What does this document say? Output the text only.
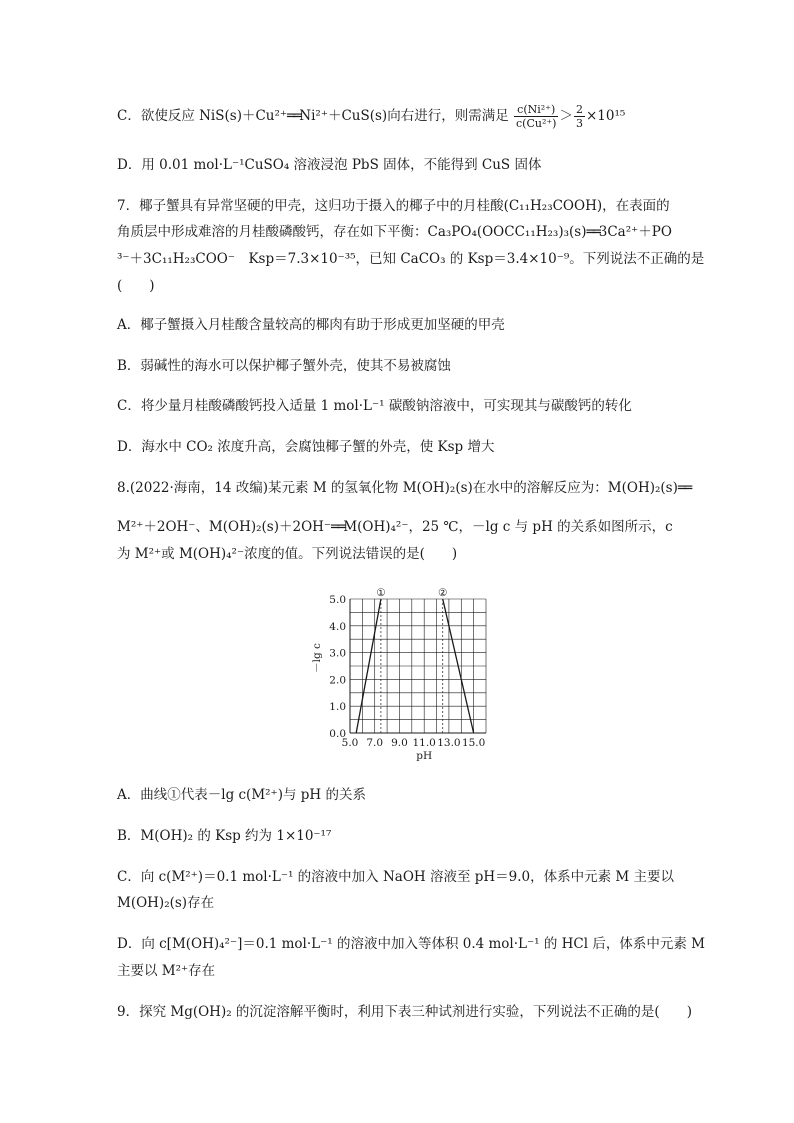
C．欲使反应 NiS(s)＋Cu²⁺══Ni²⁺＋CuS(s)向右进行，则需满足 $\frac{\text{c(Ni²⁺)}}{\text{c(Cu²⁺)}} > \frac{2}{3} \times 10^{15}$
D．用 0.01 mol·L⁻¹CuSO₄ 溶液浸泡 PbS 固体，不能得到 CuS 固体
7．椰子蟹具有异常坚硬的甲壳，这归功于摄入的椰子中的月桂酸(C₁₁H₂₃COOH)，在表面的
角质层中形成难溶的月桂酸磷酸钙，存在如下平衡：Ca₃PO₄(OOCC₁₁H₂₃)₃(s)══3Ca²⁺＋PO
³⁻＋3C₁₁H₂₃COO⁻　Ksp＝7.3×10⁻³⁵，已知 CaCO₃ 的 Ksp＝3.4×10⁻⁹。下列说法不正确的是
(　　)
A．椰子蟹摄入月桂酸含量较高的椰肉有助于形成更加坚硬的甲壳
B．弱碱性的海水可以保护椰子蟹外壳，使其不易被腐蚀
C．将少量月桂酸磷酸钙投入适量 1 mol·L⁻¹ 碳酸钠溶液中，可实现其与碳酸钙的转化
D．海水中 CO₂ 浓度升高，会腐蚀椰子蟹的外壳，使 Ksp 增大
8.(2022·海南，14 改编)某元素 M 的氢氧化物 M(OH)₂(s)在水中的溶解反应为：M(OH)₂(s)══
M²⁺＋2OH⁻、M(OH)₂(s)＋2OH⁻══M(OH)₄²⁻，25 ℃，－lg c 与 pH 的关系如图所示，c
为 M²⁺或 M(OH)₄²⁻浓度的值。下列说法错误的是(　　)
5.0 7.0 9.0 11.0 13.0 15.0
0.0
1.0
2.0
3.0
4.0
5.0
pH
－lg c
①	②
A．曲线①代表－lg c(M²⁺)与 pH 的关系
B．M(OH)₂ 的 Ksp 约为 1×10⁻¹⁷
C．向 c(M²⁺)＝0.1 mol·L⁻¹ 的溶液中加入 NaOH 溶液至 pH＝9.0，体系中元素 M 主要以
M(OH)₂(s)存在
D．向 c[M(OH)₄²⁻]＝0.1 mol·L⁻¹ 的溶液中加入等体积 0.4 mol·L⁻¹ 的 HCl 后，体系中元素 M
主要以 M²⁺存在
9．探究 Mg(OH)₂ 的沉淀溶解平衡时，利用下表三种试剂进行实验，下列说法不正确的是(　　)
